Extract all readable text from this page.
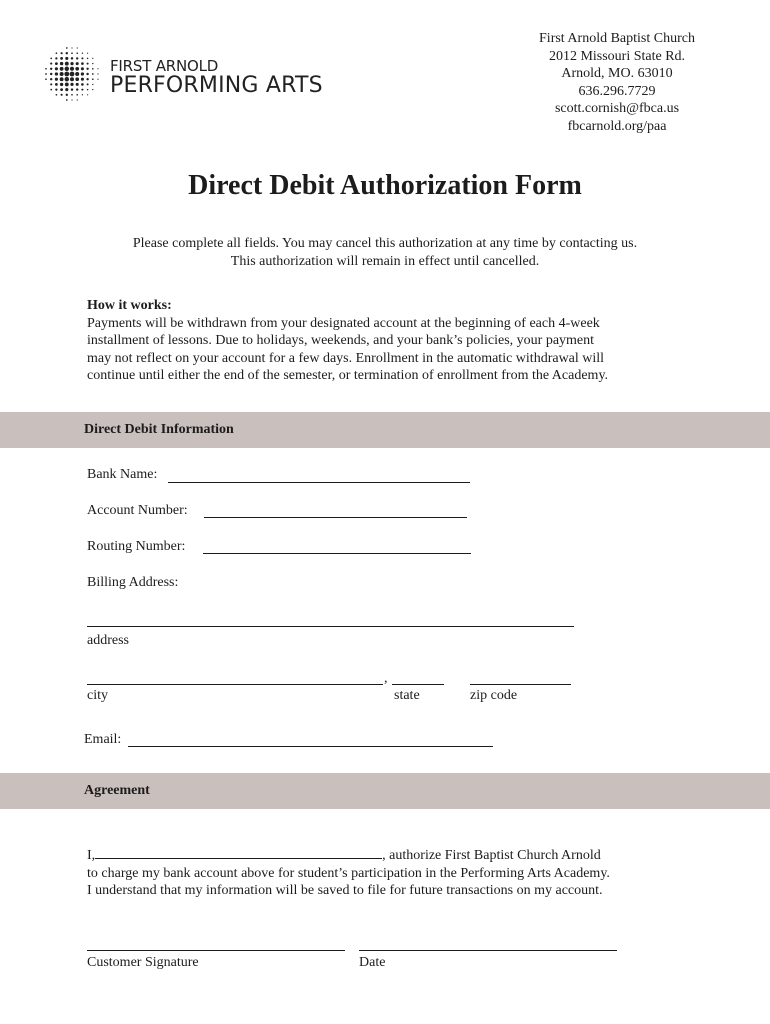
FIRST ARNOLD
PERFORMING ARTS
First Arnold Baptist Church
2012 Missouri State Rd.
Arnold, MO. 63010
636.296.7729
scott.cornish@fbca.us
fbcarnold.org/paa
Direct Debit Authorization Form
Please complete all fields. You may cancel this authorization at any time by contacting us.
This authorization will remain in effect until cancelled.
How it works:
Payments will be withdrawn from your designated account at the beginning of each 4-week
installment of lessons. Due to holidays, weekends, and your bank’s policies, your payment
may not reflect on your account for a few days. Enrollment in the automatic withdrawal will
continue until either the end of the semester, or termination of enrollment from the Academy.
Direct Debit Information
Bank Name:
Account Number:
Routing Number:
Billing Address:
address
,
city	state	zip code
Email:
Agreement
I,	, authorize First Baptist Church Arnold
to charge my bank account above for student’s participation in the Performing Arts Academy.
I understand that my information will be saved to file for future transactions on my account.
Customer Signature	Date
